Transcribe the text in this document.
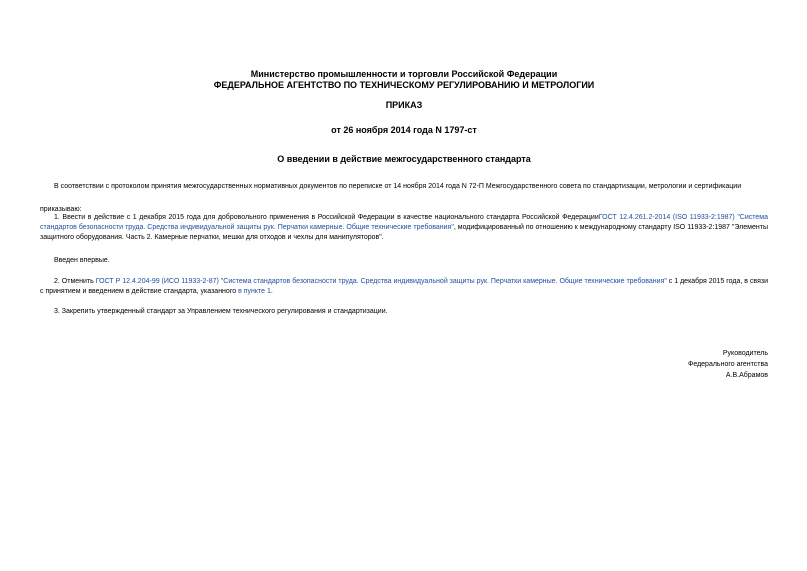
Министерство промышленности и торговли Российской Федерации
ФЕДЕРАЛЬНОЕ АГЕНТСТВО ПО ТЕХНИЧЕСКОМУ РЕГУЛИРОВАНИЮ И МЕТРОЛОГИИ
ПРИКАЗ
от 26 ноября 2014 года N 1797-ст
О введении в действие межгосударственного стандарта
В соответствии с протоколом принятия межгосударственных нормативных документов по переписке от 14 ноября 2014 года N 72-П Межгосударственного совета по стандартизации, метрологии и сертификации
приказываю:
1. Ввести в действие с 1 декабря 2015 года для добровольного применения в Российской Федерации в качестве национального стандарта Российской ФедерацииГОСТ 12.4.261.2-2014 (ISO 11933-2:1987) "Система стандартов безопасности труда. Средства индивидуальной защиты рук. Перчатки камерные. Общие технические требования", модифицированный по отношению к международному стандарту ISO 11933-2:1987 "Элементы защитного оборудования. Часть 2. Камерные перчатки, мешки для отходов и чехлы для манипуляторов".
Введен впервые.
2. Отменить ГОСТ Р 12.4.204-99 (ИСО 11933-2-87) "Система стандартов безопасности труда. Средства индивидуальной защиты рук. Перчатки камерные. Общие технические требования" с 1 декабря 2015 года, в связи с принятием и введением в действие стандарта, указанного в пункте 1.
3. Закрепить утвержденный стандарт за Управлением технического регулирования и стандартизации.
Руководитель
Федерального агентства
А.В.Абрамов
